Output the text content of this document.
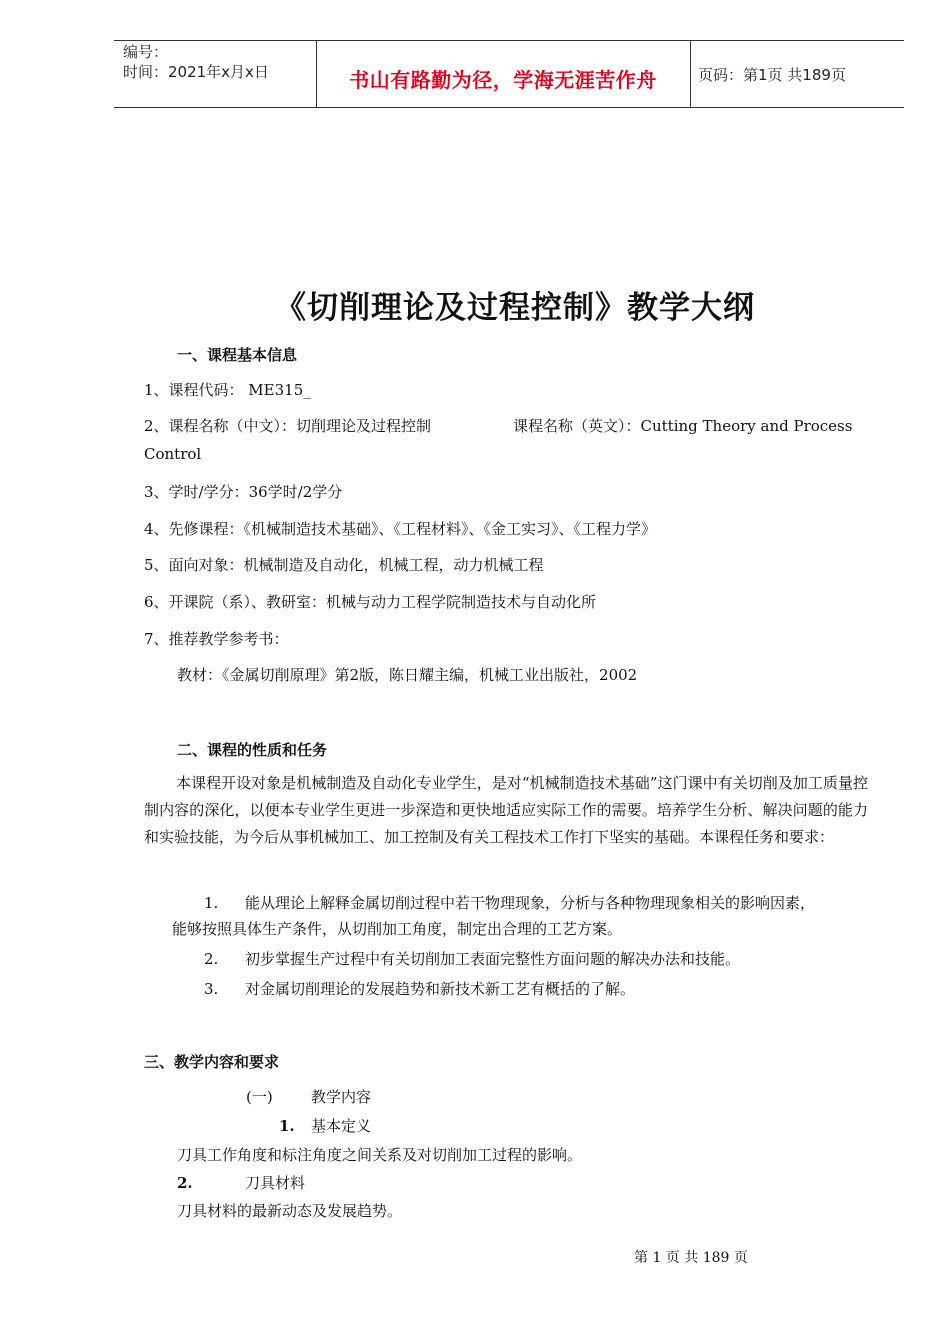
编号：
时间：2021年x月x日	书山有路勤为径，学海无涯苦作舟	页码：第1页 共189页
《切削理论及过程控制》教学大纲
一、课程基本信息
1、课程代码： ME315_
2、课程名称（中文）：切削理论及过程控制	课程名称（英文）：Cutting Theory and Process
Control
3、学时/学分：36学时/2学分
4、先修课程：《机械制造技术基础》、《工程材料》、《金工实习》、《工程力学》
5、面向对象：机械制造及自动化，机械工程，动力机械工程
6、开课院（系）、教研室：机械与动力工程学院制造技术与自动化所
7、推荐教学参考书：
教材：《金属切削原理》第2版，陈日耀主编，机械工业出版社，2002
二、课程的性质和任务
本课程开设对象是机械制造及自动化专业学生，是对“机械制造技术基础”这门课中有关切削及加工质量控制内容的深化，以便本专业学生更进一步深造和更快地适应实际工作的需要。培养学生分析、解决问题的能力和实验技能，为今后从事机械加工、加工控制及有关工程技术工作打下坚实的基础。本课程任务和要求：
1. 能从理论上解释金属切削过程中若干物理现象，分析与各种物理现象相关的影响因素，
能够按照具体生产条件，从切削加工角度，制定出合理的工艺方案。
2. 初步掌握生产过程中有关切削加工表面完整性方面问题的解决办法和技能。
3. 对金属切削理论的发展趋势和新技术新工艺有概括的了解。
三、教学内容和要求
(一)	教学内容
1. 基本定义
刀具工作角度和标注角度之间关系及对切削加工过程的影响。
2.	刀具材料
刀具材料的最新动态及发展趋势。
第 1 页 共 189 页
